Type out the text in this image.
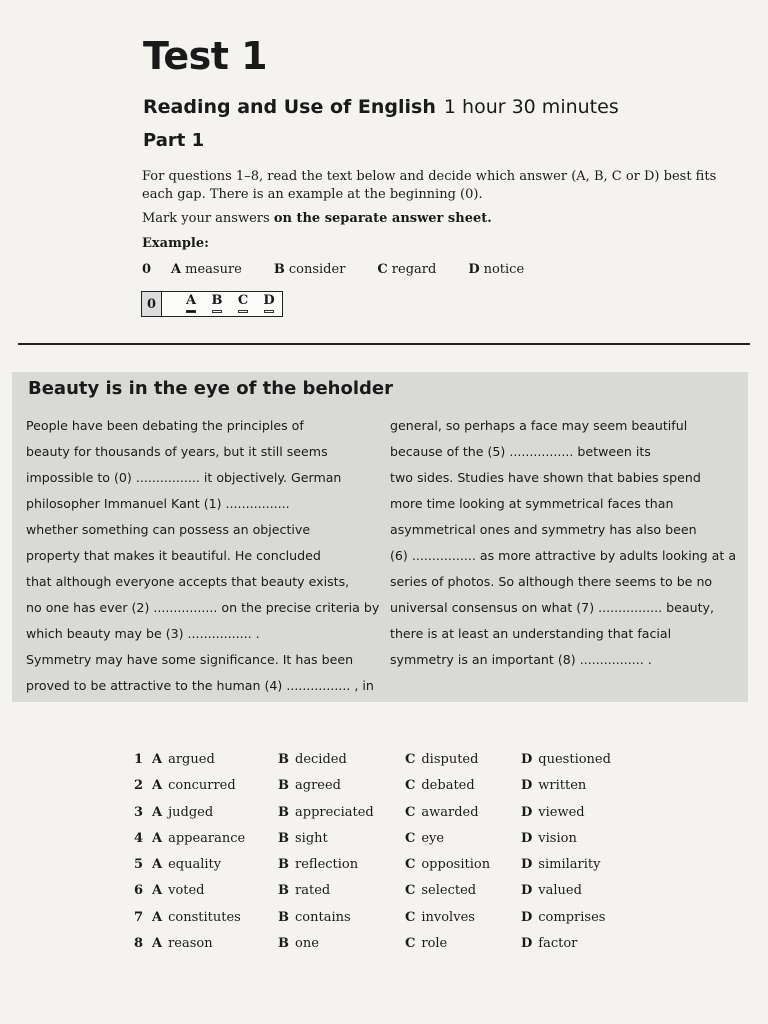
Test 1
Reading and Use of English 1 hour 30 minutes
Part 1
For questions 1–8, read the text below and decide which answer (A, B, C or D) best fits each gap. There is an example at the beginning (0).
Mark your answers on the separate answer sheet.
Example:
0	A measure	B consider	C regard	D notice
0	A	B	C	D
Beauty is in the eye of the beholder
People have been debating the principles of
beauty for thousands of years, but it still seems
impossible to (0) ................ it objectively. German
philosopher Immanuel Kant (1) ................
whether something can possess an objective
property that makes it beautiful. He concluded
that although everyone accepts that beauty exists,
no one has ever (2) ................ on the precise criteria by
which beauty may be (3) ................ .
Symmetry may have some significance. It has been
proved to be attractive to the human (4) ................ , in
general, so perhaps a face may seem beautiful
because of the (5) ................ between its
two sides. Studies have shown that babies spend
more time looking at symmetrical faces than
asymmetrical ones and symmetry has also been
(6) ................ as more attractive by adults looking at a
series of photos. So although there seems to be no
universal consensus on what (7) ................ beauty,
there is at least an understanding that facial
symmetry is an important (8) ................ .
1 A argued	B decided	C disputed	D questioned
2 A concurred	B agreed	C debated	D written
3 A judged	B appreciated C awarded	D viewed
4 A appearance	B sight	C eye	D vision
5 A equality	B reflection	C opposition D similarity
6 A voted	B rated	C selected	D valued
7 A constitutes	B contains	C involves	D comprises
8 A reason	B one	C role	D factor
